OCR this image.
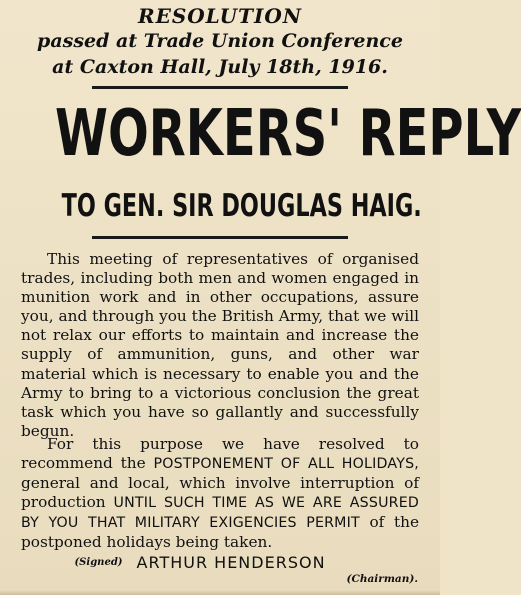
RESOLUTION
passed at Trade Union Conference
at Caxton Hall, July 18th, 1916.
WORKERS' REPLY
TO GEN. SIR DOUGLAS HAIG.
This meeting of representatives of organised trades, including both men and women engaged in munition work and in other occupations, assure you, and through you the British Army, that we will not relax our efforts to maintain and increase the supply of ammunition, guns, and other war material which is necessary to enable you and the Army to bring to a victorious conclusion the great task which you have so gallantly and successfully begun.
For this purpose we have resolved to recommend the POSTPONEMENT OF ALL HOLIDAYS, general and local, which involve interruption of production UNTIL SUCH TIME AS WE ARE ASSURED BY YOU THAT MILITARY EXIGENCIES PERMIT of the postponed holidays being taken.
(Signed) ARTHUR HENDERSON
(Chairman).
